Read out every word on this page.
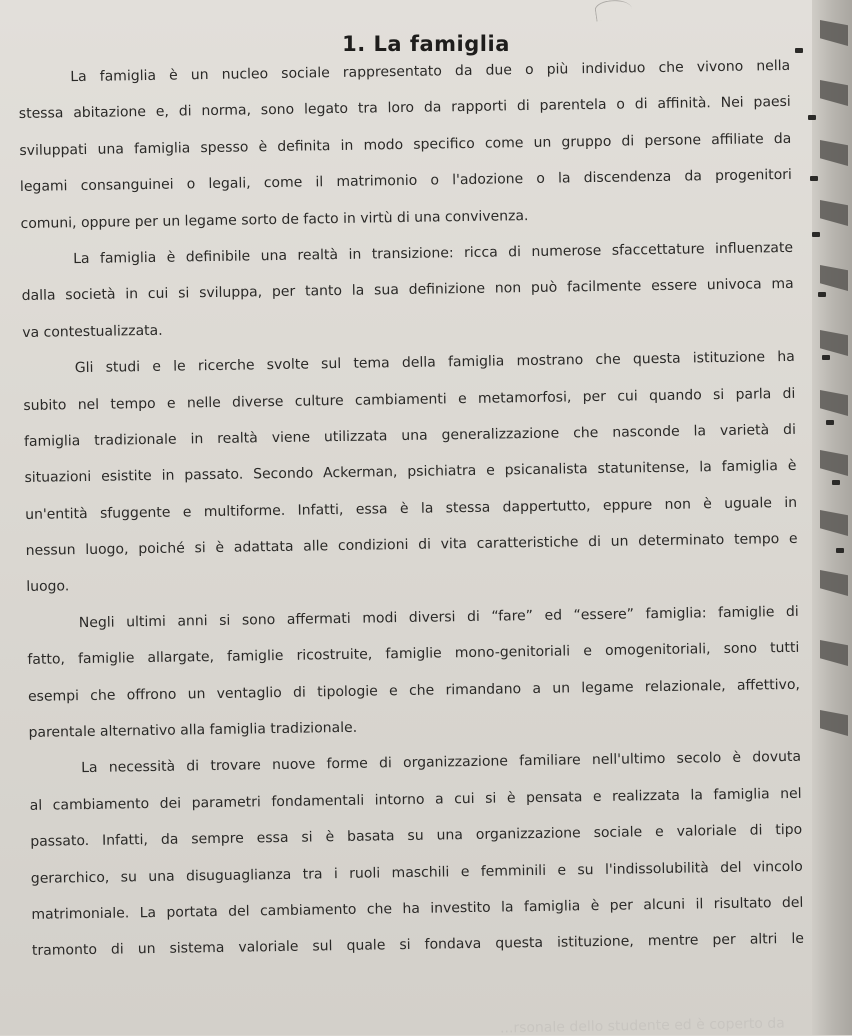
1. La famiglia
La famiglia è un nucleo sociale rappresentato da due o più individuo che vivono nella
stessa abitazione e, di norma, sono legato tra loro da rapporti di parentela o di affinità. Nei paesi
sviluppati una famiglia spesso è definita in modo specifico come un gruppo di persone affiliate da
legami consanguinei o legali, come il matrimonio o l'adozione o la discendenza da progenitori
comuni, oppure per un legame sorto de facto in virtù di una convivenza.
La famiglia è definibile una realtà in transizione: ricca di numerose sfaccettature influenzate
dalla società in cui si sviluppa, per tanto la sua definizione non può facilmente essere univoca ma
va contestualizzata.
Gli studi e le ricerche svolte sul tema della famiglia mostrano che questa istituzione ha
subito nel tempo e nelle diverse culture cambiamenti e metamorfosi, per cui quando si parla di
famiglia tradizionale in realtà viene utilizzata una generalizzazione che nasconde la varietà di
situazioni esistite in passato. Secondo Ackerman, psichiatra e psicanalista statunitense, la famiglia è
un'entità sfuggente e multiforme. Infatti, essa è la stessa dappertutto, eppure non è uguale in
nessun luogo, poiché si è adattata alle condizioni di vita caratteristiche di un determinato tempo e
luogo.
Negli ultimi anni si sono affermati modi diversi di “fare” ed “essere” famiglia: famiglie di
fatto, famiglie allargate, famiglie ricostruite, famiglie mono-genitoriali e omogenitoriali, sono tutti
esempi che offrono un ventaglio di tipologie e che rimandano a un legame relazionale, affettivo,
parentale alternativo alla famiglia tradizionale.
La necessità di trovare nuove forme di organizzazione familiare nell'ultimo secolo è dovuta
al cambiamento dei parametri fondamentali intorno a cui si è pensata e realizzata la famiglia nel
passato. Infatti, da sempre essa si è basata su una organizzazione sociale e valoriale di tipo
gerarchico, su una disuguaglianza tra i ruoli maschili e femminili e su l'indissolubilità del vincolo
matrimoniale. La portata del cambiamento che ha investito la famiglia è per alcuni il risultato del
tramonto di un sistema valoriale sul quale si fondava questa istituzione, mentre per altri le
...rsonale dello studente ed è coperto da
